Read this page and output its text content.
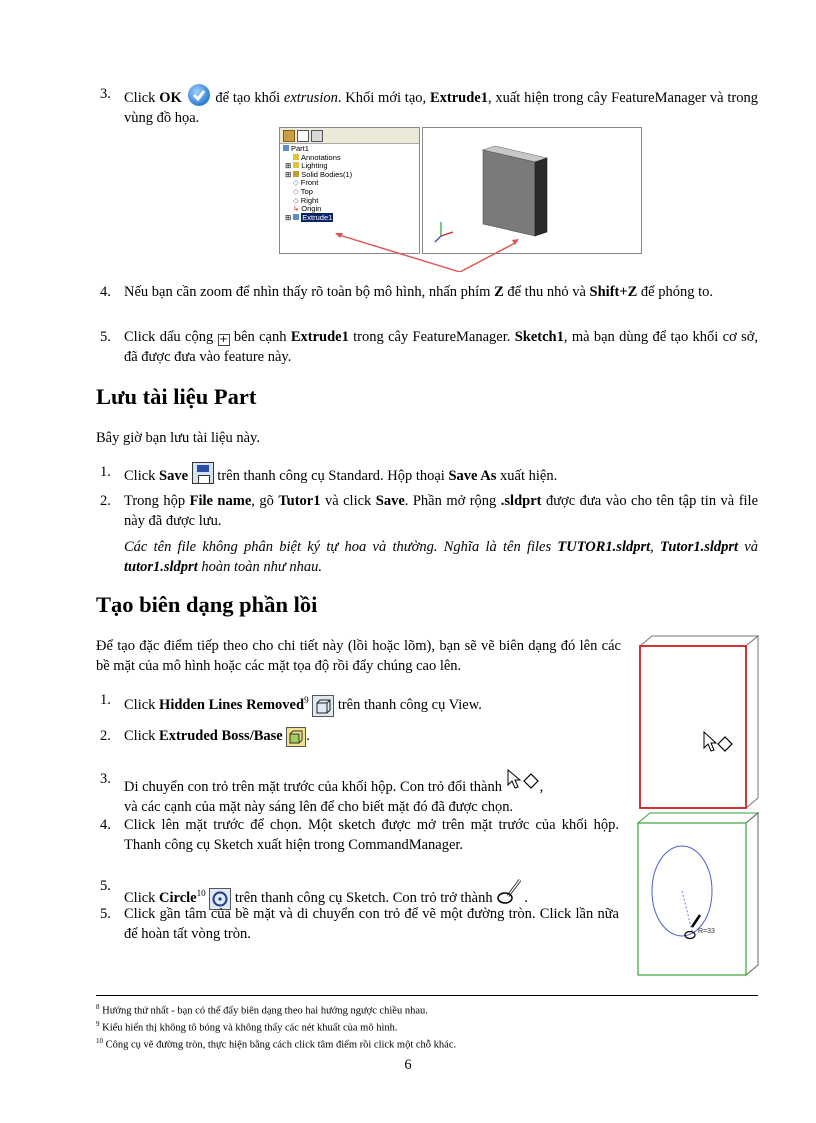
3. Click OK
để tạo khối extrusion. Khối mới tạo, Extrude1, xuất hiện trong cây FeatureManager và trong vùng đồ họa.
Part1
Annotations
⊞ Lighting
⊞ Solid Bodies(1)
◇ Front
◇ Top
◇ Right
↳ Origin
⊞ Extrude1
4. Nếu bạn cần zoom để nhìn thấy rõ toàn bộ mô hình, nhấn phím Z để thu nhỏ và Shift+Z để phóng to.
5. Click dấu cộng + bên cạnh Extrude1 trong cây FeatureManager. Sketch1, mà bạn dùng để tạo khối cơ sở, đã được đưa vào feature này.
Lưu tài liệu Part

Bây giờ bạn lưu tài liệu này.

1. Click Save
trên thanh công cụ Standard. Hộp thoại Save As xuất hiện.
2. Trong hộp File name, gõ Tutor1 và click Save. Phần mở rộng .sldprt được đưa vào cho tên tập tin và file này đã được lưu.

Các tên file không phân biệt ký tự hoa và thường. Nghĩa là tên files TUTOR1.sldprt, Tutor1.sldprt và tutor1.sldprt hoàn toàn như nhau.

Tạo biên dạng phần lồi

Để tạo đặc điểm tiếp theo cho chi tiết này (lồi hoặc lõm), bạn sẽ vẽ biên dạng đó lên các bề mặt của mô hình hoặc các mặt tọa độ rồi đẩy chúng cao lên.

1. Click Hidden Lines Removed$^9$
trên thanh công cụ View.
2. Click Extruded Boss/Base .
3. Di chuyển con trỏ trên mặt trước của khối hộp. Con trỏ đổi thành ,
và các cạnh của mặt này sáng lên để cho biết mặt đó đã được chọn.
4. Click lên mặt trước để chọn. Một sketch được mở trên mặt trước của khối hộp. Thanh công cụ Sketch xuất hiện trong CommandManager.
5.
Click Circle$^{10}$
trên thanh công cụ Sketch. Con trỏ trở thành .
5. Click gần tâm của bề mặt và di chuyển con trỏ để vẽ một đường tròn. Click lần nữa để hoàn tất vòng tròn.	R=33
$^8$ Hướng thứ nhất - bạn có thể đẩy biên dạng theo hai hướng ngược chiều nhau.
$^9$ Kiểu hiển thị không tô bóng và không thấy các nét khuất của mô hình.
$^{10}$ Công cụ vẽ đường tròn, thực hiện bằng cách click tâm điểm rồi click một chỗ khác.
6
